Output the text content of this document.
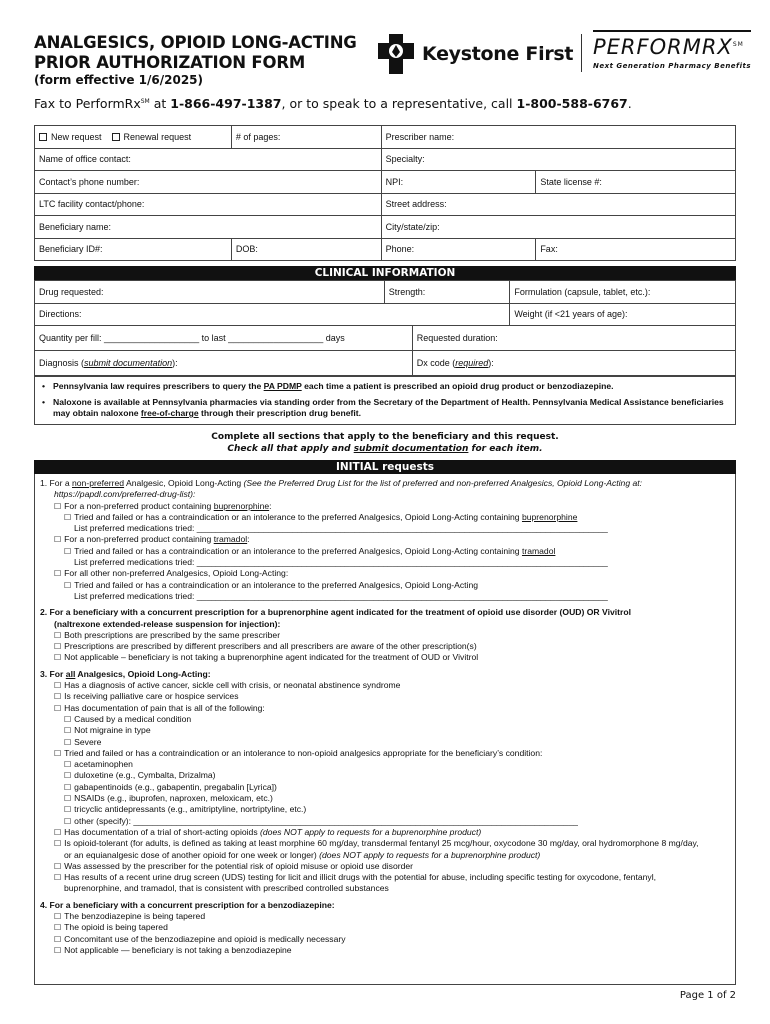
ANALGESICS, OPIOID LONG-ACTING
PRIOR AUTHORIZATION FORM
(form effective 1/6/2025)
Fax to PerformRx℠ at 1-866-497-1387, or to speak to a representative, call 1-800-588-6767.
Keystone First PERFORMRX℠
Next Generation Pharmacy Benefits
New request Renewal request	# of pages:	Prescriber name:	
Name of office contact:		Specialty:	
Contact’s phone number:		NPI:	State license #:
LTC facility contact/phone:		Street address:	
Beneficiary name:		City/state/zip:	
Beneficiary ID#:	DOB:	Phone:	Fax:
CLINICAL INFORMATION
Drug requested:	Strength:		Formulation (capsule, tablet, etc.):
Directions:			Weight (if <21 years of age):
Quantity per fill: ___________________ to last ___________________ days		Requested duration:	
Diagnosis (submit documentation):		Dx code (required):	
• Pennsylvania law requires prescribers to query the PA PDMP each time a patient is prescribed an opioid drug product or benzodiazepine.
• Naloxone is available at Pennsylvania pharmacies via standing order from the Secretary of the Department of Health. Pennsylvania Medical Assistance beneficiaries
may obtain naloxone free-of-charge through their prescription drug benefit.
Complete all sections that apply to the beneficiary and this request.
Check all that apply and submit documentation for each item.
INITIAL requests
1. For a non-preferred Analgesic, Opioid Long-Acting (See the Preferred Drug List for the list of preferred and non-preferred Analgesics, Opioid Long-Acting at:
https://papdl.com/preferred-drug-list):
☐ For a non-preferred product containing buprenorphine:
☐ Tried and failed or has a contraindication or an intolerance to the preferred Analgesics, Opioid Long-Acting containing buprenorphine
List preferred medications tried: ______________________________________________________________________________________
☐ For a non-preferred product containing tramadol:
☐ Tried and failed or has a contraindication or an intolerance to the preferred Analgesics, Opioid Long-Acting containing tramadol
List preferred medications tried: ______________________________________________________________________________________
☐ For all other non-preferred Analgesics, Opioid Long-Acting:
☐ Tried and failed or has a contraindication or an intolerance to the preferred Analgesics, Opioid Long-Acting
List preferred medications tried: ______________________________________________________________________________________
2. For a beneficiary with a concurrent prescription for a buprenorphine agent indicated for the treatment of opioid use disorder (OUD) OR Vivitrol
(naltrexone extended-release suspension for injection):
☐ Both prescriptions are prescribed by the same prescriber
☐ Prescriptions are prescribed by different prescribers and all prescribers are aware of the other prescription(s)
☐ Not applicable – beneficiary is not taking a buprenorphine agent indicated for the treatment of OUD or Vivitrol
3. For all Analgesics, Opioid Long-Acting:
☐ Has a diagnosis of active cancer, sickle cell with crisis, or neonatal abstinence syndrome
☐ Is receiving palliative care or hospice services
☐ Has documentation of pain that is all of the following:
☐ Caused by a medical condition
☐ Not migraine in type
☐ Severe
☐ Tried and failed or has a contraindication or an intolerance to non-opioid analgesics appropriate for the beneficiary’s condition:
☐ acetaminophen
☐ duloxetine (e.g., Cymbalta, Drizalma)
☐ gabapentinoids (e.g., gabapentin, pregabalin [Lyrica])
☐ NSAIDs (e.g., ibuprofen, naproxen, meloxicam, etc.)
☐ tricyclic antidepressants (e.g., amitriptyline, nortriptyline, etc.)
☐ other (specify): _____________________________________________________________________________________________
☐ Has documentation of a trial of short-acting opioids (does NOT apply to requests for a buprenorphine product)
☐ Is opioid-tolerant (for adults, is defined as taking at least morphine 60 mg/day, transdermal fentanyl 25 mcg/hour, oxycodone 30 mg/day, oral hydromorphone 8 mg/day,
or an equianalgesic dose of another opioid for one week or longer) (does NOT apply to requests for a buprenorphine product)
☐ Was assessed by the prescriber for the potential risk of opioid misuse or opioid use disorder
☐ Has results of a recent urine drug screen (UDS) testing for licit and illicit drugs with the potential for abuse, including specific testing for oxycodone, fentanyl,
buprenorphine, and tramadol, that is consistent with prescribed controlled substances
4. For a beneficiary with a concurrent prescription for a benzodiazepine:
☐ The benzodiazepine is being tapered
☐ The opioid is being tapered
☐ Concomitant use of the benzodiazepine and opioid is medically necessary
☐ Not applicable — beneficiary is not taking a benzodiazepine
Page 1 of 2
